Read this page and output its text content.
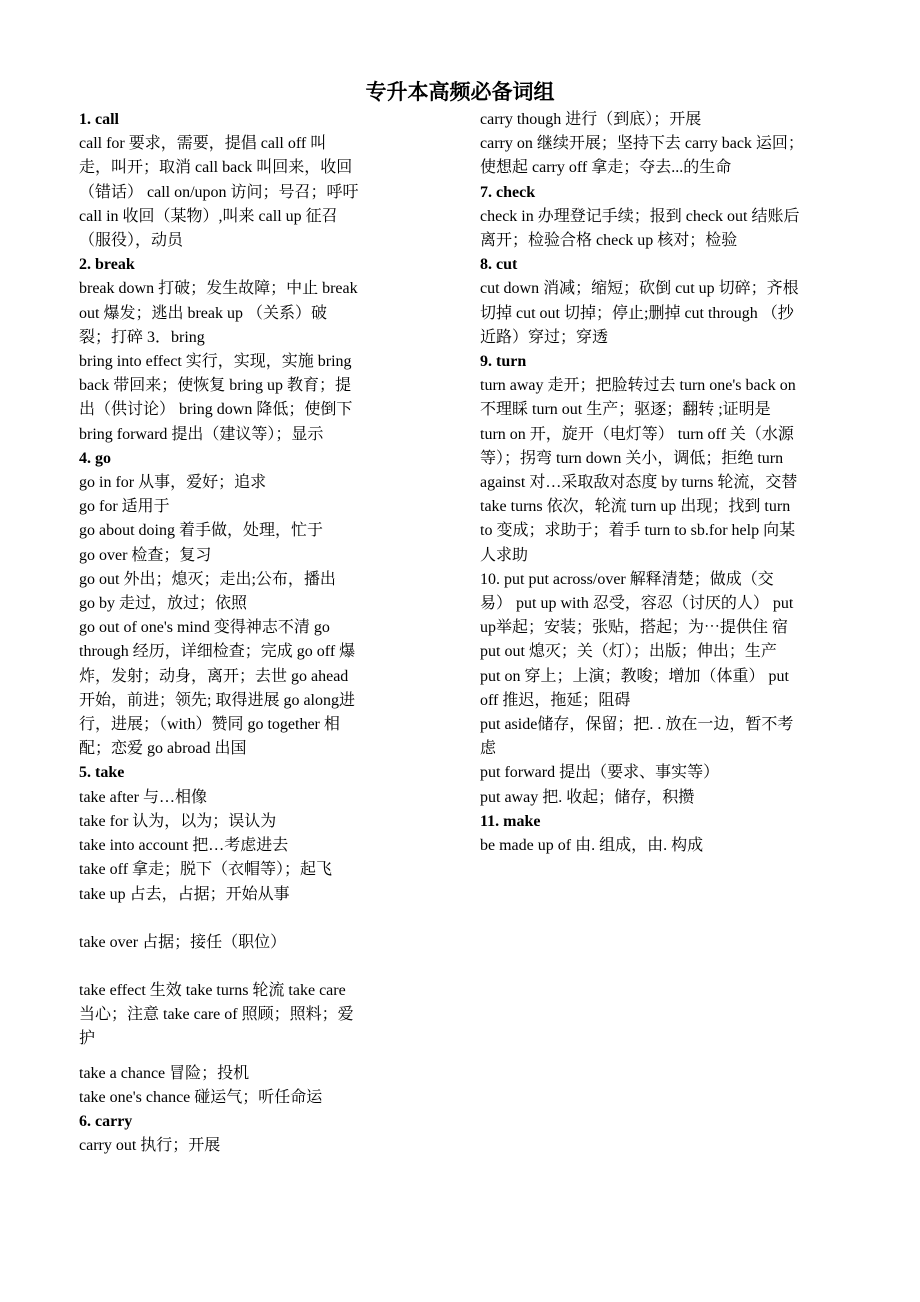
专升本高频必备词组
1. call
call for 要求，需要，提倡 call off 叫
走，叫开；取消 call back 叫回来，收回
（错话） call on/upon 访问；号召；呼吁
call in 收回（某物）,叫来 call up 征召
（服役），动员
2. break
break down 打破；发生故障；中止 break
out 爆发；逃出 break up （关系）破
裂；打碎 3．bring
bring into effect 实行，实现，实施 bring
back 带回来；使恢复 bring up 教育；提
出（供讨论） bring down 降低；使倒下
bring forward 提出（建议等）；显示
4. go
go in for 从事，爱好；追求
go for 适用于
go about doing 着手做，处理，忙于
go over 检查；复习
go out 外出；熄灭；走出;公布，播出
go by 走过，放过；依照
go out of one's mind 变得神志不清 go
through 经历，详细检查；完成 go off 爆
炸，发射；动身，离开；去世 go ahead
开始，前进；领先; 取得进展 go along进
行，进展；（with）赞同 go together 相
配；恋爱 go abroad 出国
5. take
take after 与…相像
take for 认为，以为；误认为
take into account 把…考虑进去
take off 拿走；脱下（衣帽等）；起飞
take up 占去，占据；开始从事
take over 占据；接任（职位）
take effect 生效 take turns 轮流 take care
当心；注意 take care of 照顾；照料；爱
护
take a chance 冒险；投机
take one's chance 碰运气；听任命运
6. carry
carry out 执行；开展
carry though 进行（到底）；开展
carry on 继续开展；坚持下去 carry back 运回；
使想起 carry off 拿走；夺去...的生命
7. check
check in 办理登记手续；报到 check out 结账后
离开；检验合格 check up 核对；检验
8. cut
cut down 消减；缩短；砍倒 cut up 切碎；齐根
切掉 cut out 切掉；停止;删掉 cut through （抄
近路）穿过；穿透
9. turn
turn away 走开；把脸转过去 turn one's back on
不理睬 turn out 生产；驱逐；翻转 ;证明是
turn on 开，旋开（电灯等） turn off 关（水源
等）；拐弯 turn down 关小，调低；拒绝 turn
against 对…采取敌对态度 by turns 轮流，交替
take turns 依次，轮流 turn up 出现；找到 turn
to 变成；求助于；着手 turn to sb.for help 向某
人求助
10. put put across/over 解释清楚；做成（交
易） put up with 忍受，容忍（讨厌的人） put
up举起；安装；张贴，搭起；为⋯提供住 宿
put out 熄灭；关（灯）；出版；伸出；生产
put on 穿上；上演；教唆；增加（体重） put
off 推迟，拖延；阻碍
put aside储存，保留；把. . 放在一边，暂不考
虑
put forward 提出（要求、事实等）
put away 把. 收起；储存，积攒
11. make
be made up of 由. 组成，由. 构成
